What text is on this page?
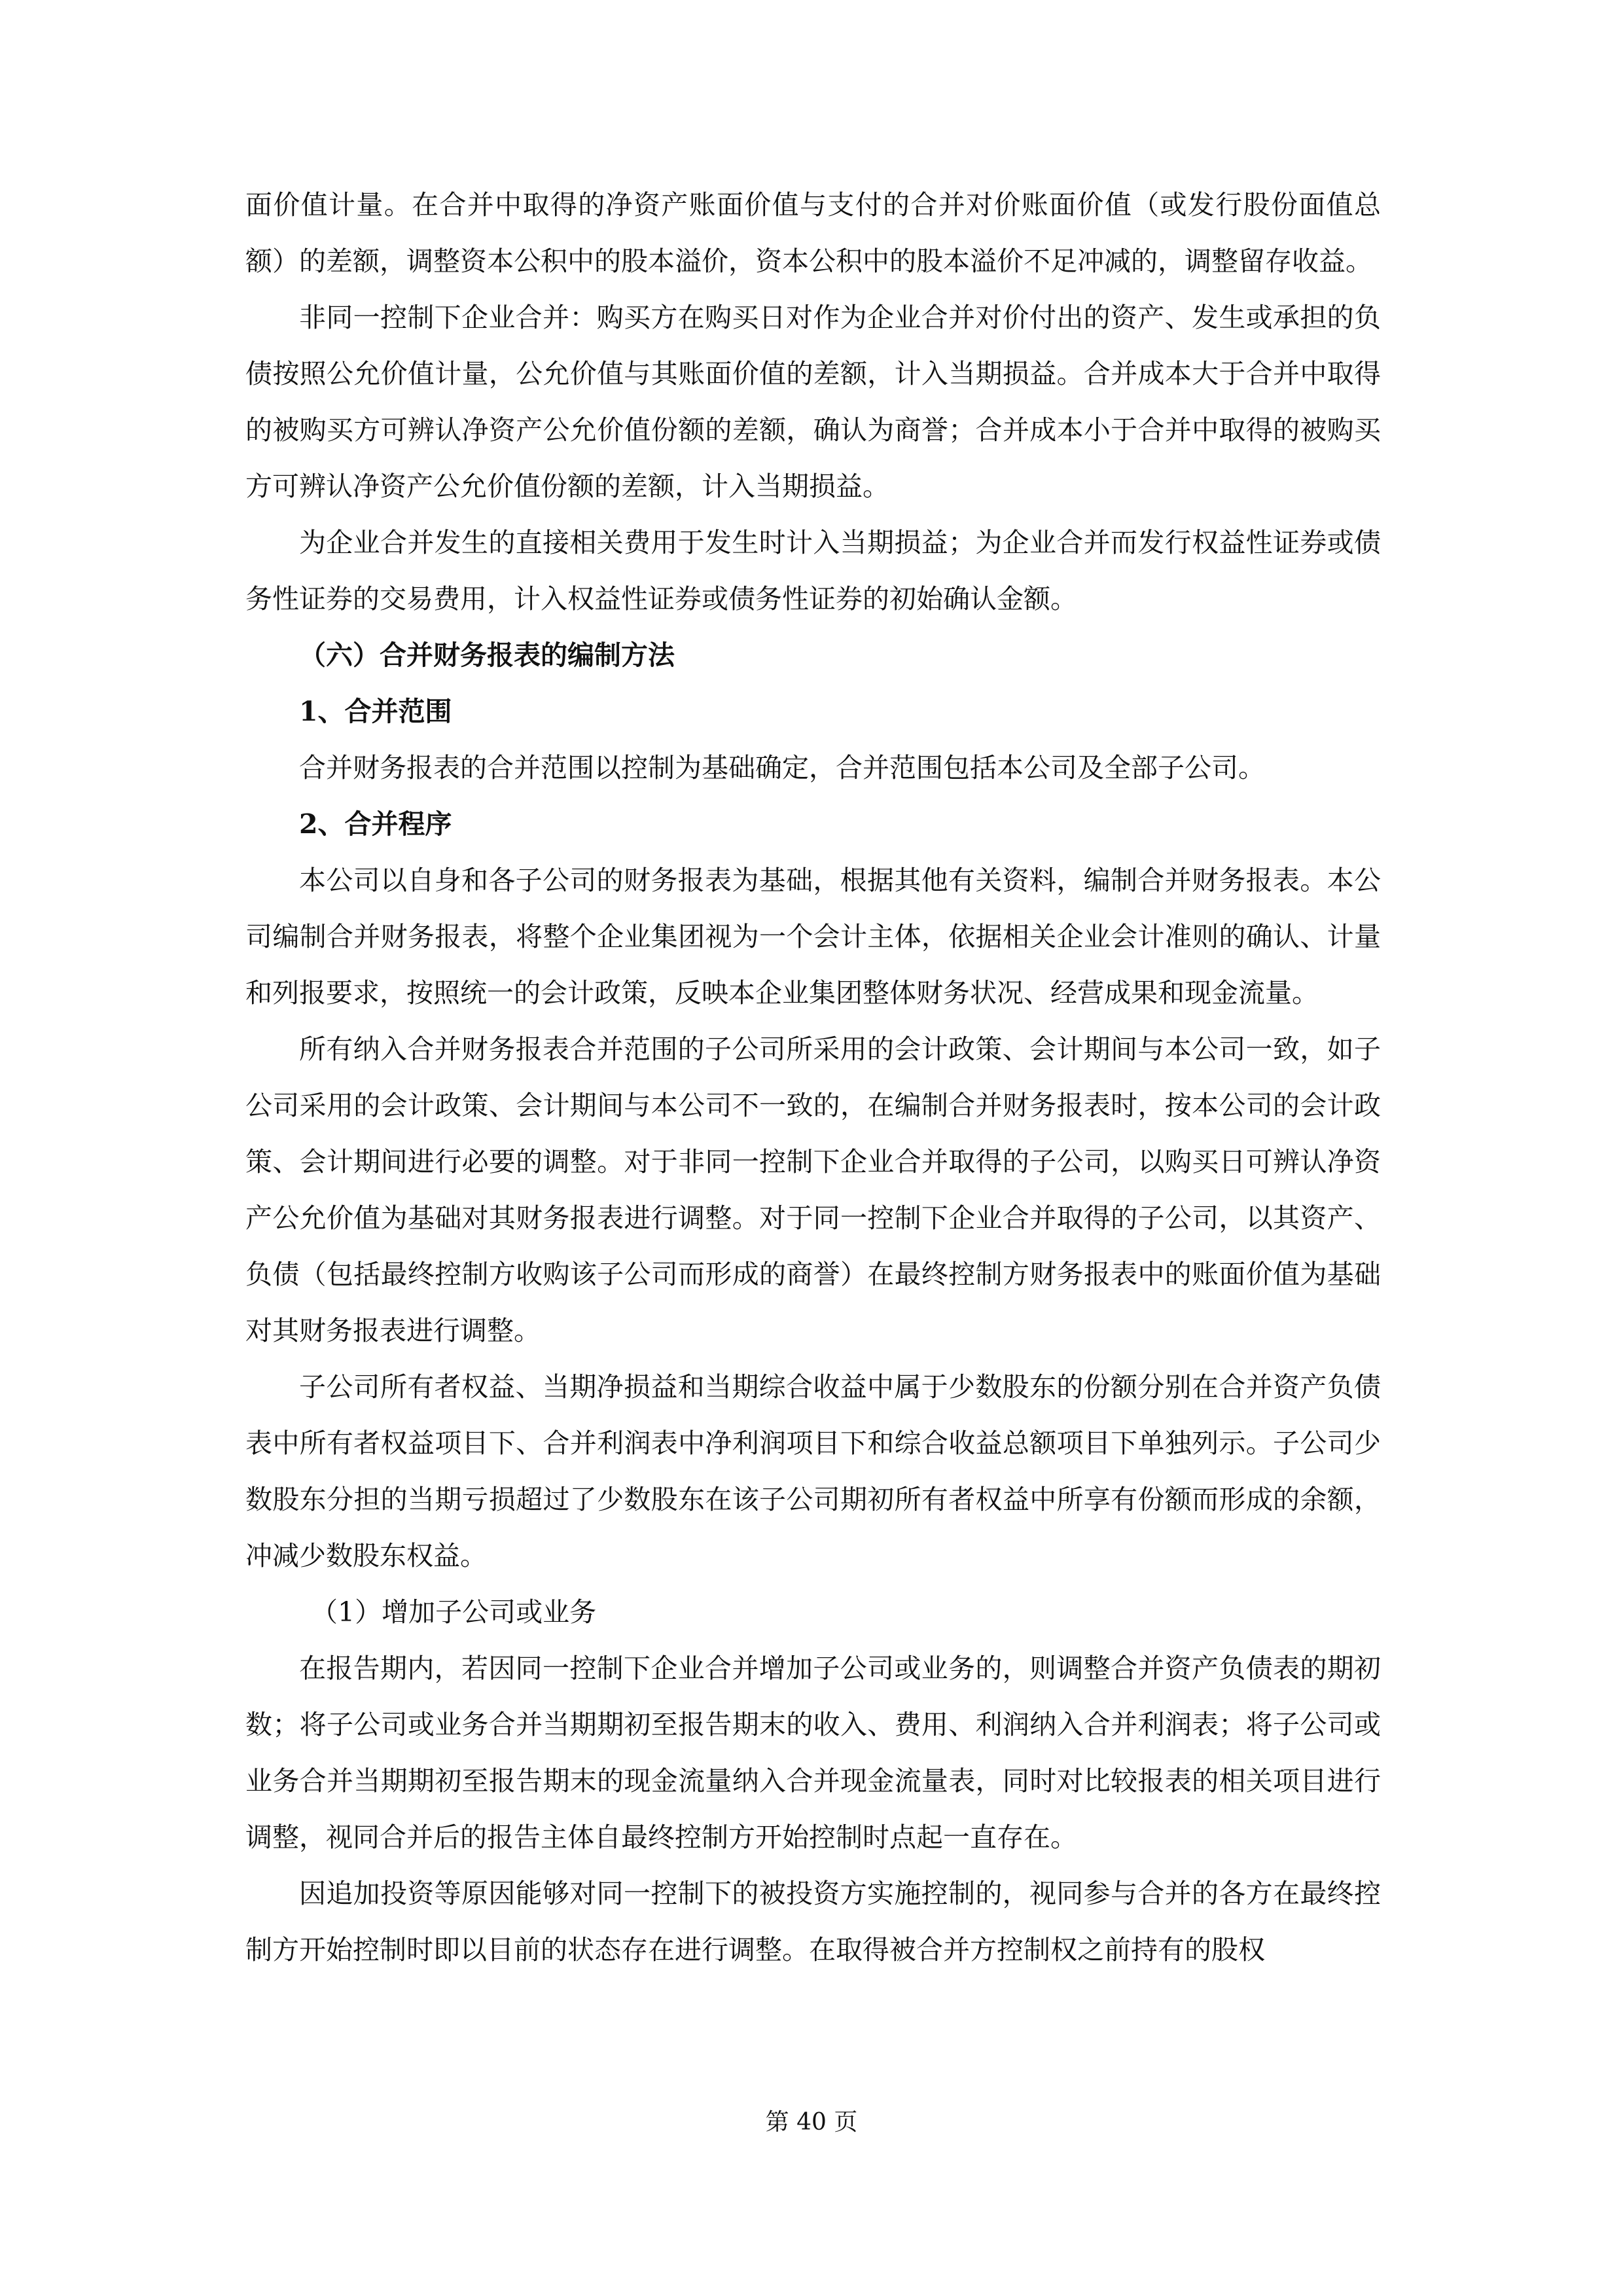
面价值计量。在合并中取得的净资产账面价值与支付的合并对价账面价值（或发行股份面值总额）的差额，调整资本公积中的股本溢价，资本公积中的股本溢价不足冲减的，调整留存收益。

非同一控制下企业合并：购买方在购买日对作为企业合并对价付出的资产、发生或承担的负债按照公允价值计量，公允价值与其账面价值的差额，计入当期损益。合并成本大于合并中取得的被购买方可辨认净资产公允价值份额的差额，确认为商誉；合并成本小于合并中取得的被购买方可辨认净资产公允价值份额的差额，计入当期损益。

为企业合并发生的直接相关费用于发生时计入当期损益；为企业合并而发行权益性证券或债务性证券的交易费用，计入权益性证券或债务性证券的初始确认金额。

（六）合并财务报表的编制方法

1、合并范围

合并财务报表的合并范围以控制为基础确定，合并范围包括本公司及全部子公司。

2、合并程序

本公司以自身和各子公司的财务报表为基础，根据其他有关资料，编制合并财务报表。本公司编制合并财务报表，将整个企业集团视为一个会计主体，依据相关企业会计准则的确认、计量和列报要求，按照统一的会计政策，反映本企业集团整体财务状况、经营成果和现金流量。

所有纳入合并财务报表合并范围的子公司所采用的会计政策、会计期间与本公司一致，如子公司采用的会计政策、会计期间与本公司不一致的，在编制合并财务报表时，按本公司的会计政策、会计期间进行必要的调整。对于非同一控制下企业合并取得的子公司，以购买日可辨认净资产公允价值为基础对其财务报表进行调整。对于同一控制下企业合并取得的子公司，以其资产、负债（包括最终控制方收购该子公司而形成的商誉）在最终控制方财务报表中的账面价值为基础对其财务报表进行调整。

子公司所有者权益、当期净损益和当期综合收益中属于少数股东的份额分别在合并资产负债表中所有者权益项目下、合并利润表中净利润项目下和综合收益总额项目下单独列示。子公司少数股东分担的当期亏损超过了少数股东在该子公司期初所有者权益中所享有份额而形成的余额，冲减少数股东权益。

（1）增加子公司或业务

在报告期内，若因同一控制下企业合并增加子公司或业务的，则调整合并资产负债表的期初数；将子公司或业务合并当期期初至报告期末的收入、费用、利润纳入合并利润表；将子公司或业务合并当期期初至报告期末的现金流量纳入合并现金流量表，同时对比较报表的相关项目进行调整，视同合并后的报告主体自最终控制方开始控制时点起一直存在。

因追加投资等原因能够对同一控制下的被投资方实施控制的，视同参与合并的各方在最终控制方开始控制时即以目前的状态存在进行调整。在取得被合并方控制权之前持有的股权

第 40 页
